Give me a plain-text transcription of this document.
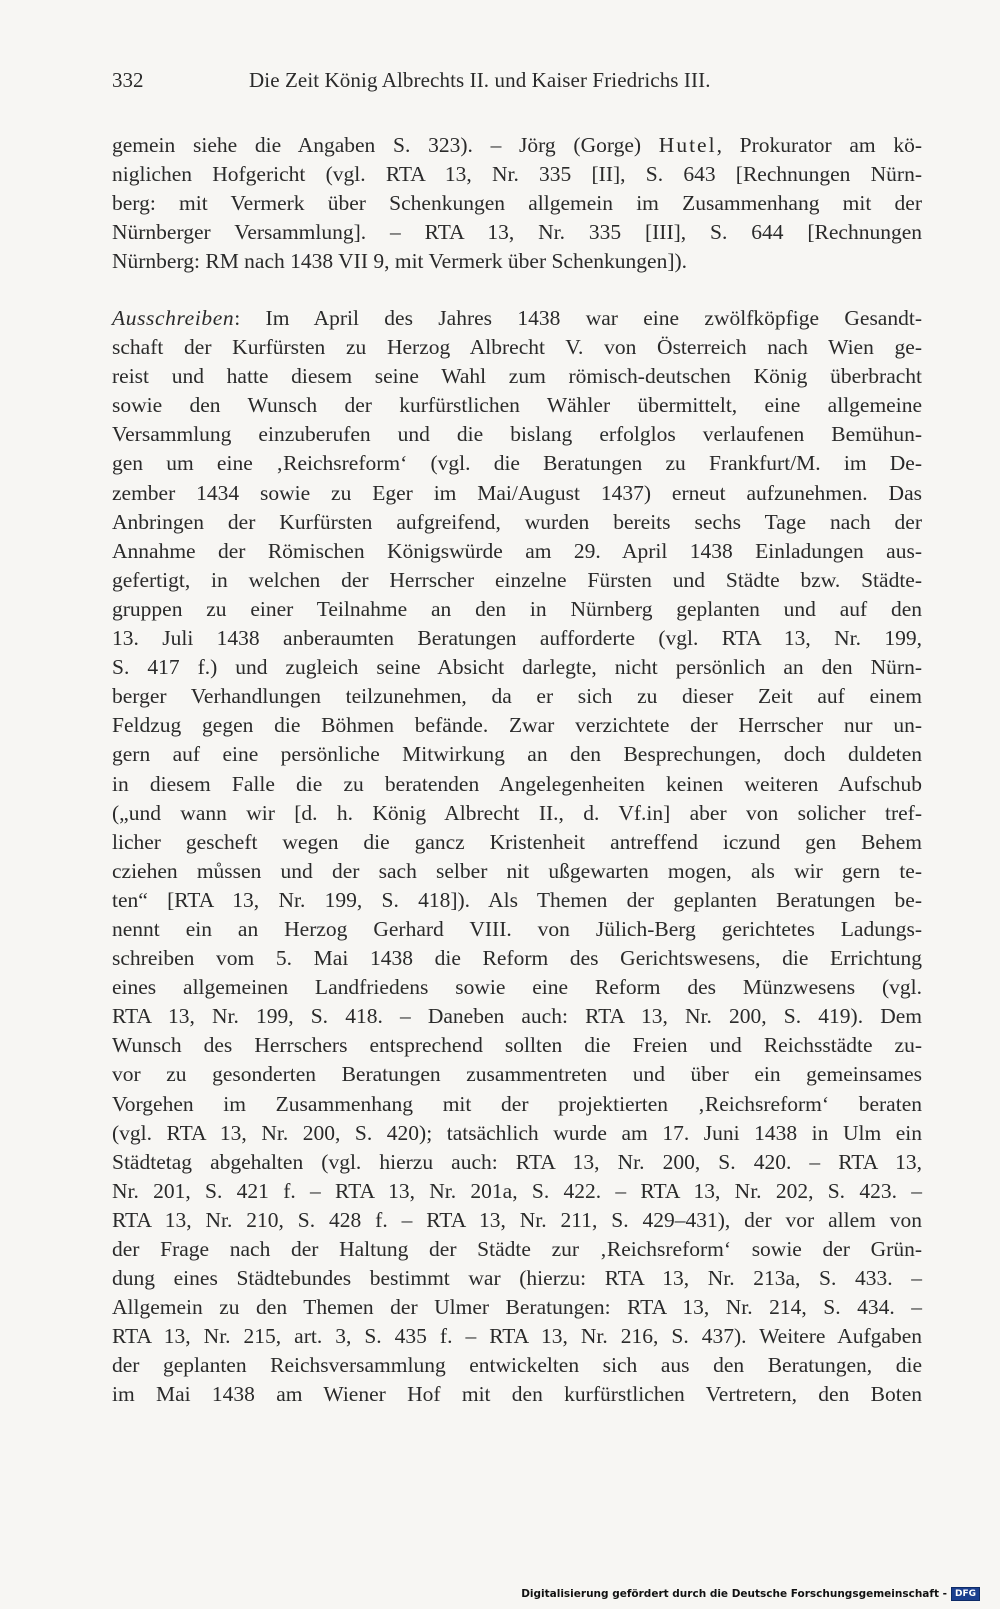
332	Die Zeit König Albrechts II. und Kaiser Friedrichs III.
gemein siehe die Angaben S. 323). – Jörg (Gorge) Hutel, Prokurator am kö-
niglichen Hofgericht (vgl. RTA 13, Nr. 335 [II], S. 643 [Rechnungen Nürn-
berg: mit Vermerk über Schenkungen allgemein im Zusammenhang mit der
Nürnberger Versammlung]. – RTA 13, Nr. 335 [III], S. 644 [Rechnungen
Nürnberg: RM nach 1438 VII 9, mit Vermerk über Schenkungen]).
Ausschreiben: Im April des Jahres 1438 war eine zwölfköpfige Gesandt-
schaft der Kurfürsten zu Herzog Albrecht V. von Österreich nach Wien ge-
reist und hatte diesem seine Wahl zum römisch-deutschen König überbracht
sowie den Wunsch der kurfürstlichen Wähler übermittelt, eine allgemeine
Versammlung einzuberufen und die bislang erfolglos verlaufenen Bemühun-
gen um eine ‚Reichsreform‘ (vgl. die Beratungen zu Frankfurt/M. im De-
zember 1434 sowie zu Eger im Mai/August 1437) erneut aufzunehmen. Das
Anbringen der Kurfürsten aufgreifend, wurden bereits sechs Tage nach der
Annahme der Römischen Königswürde am 29. April 1438 Einladungen aus-
gefertigt, in welchen der Herrscher einzelne Fürsten und Städte bzw. Städte-
gruppen zu einer Teilnahme an den in Nürnberg geplanten und auf den
13. Juli 1438 anberaumten Beratungen aufforderte (vgl. RTA 13, Nr. 199,
S. 417 f.) und zugleich seine Absicht darlegte, nicht persönlich an den Nürn-
berger Verhandlungen teilzunehmen, da er sich zu dieser Zeit auf einem
Feldzug gegen die Böhmen befände. Zwar verzichtete der Herrscher nur un-
gern auf eine persönliche Mitwirkung an den Besprechungen, doch duldeten
in diesem Falle die zu beratenden Angelegenheiten keinen weiteren Aufschub
(„und wann wir [d. h. König Albrecht II., d. Vf.in] aber von solicher tref-
licher gescheft wegen die gancz Kristenheit antreffend iczund gen Behem
cziehen můssen und der sach selber nit ußgewarten mogen, als wir gern te-
ten“ [RTA 13, Nr. 199, S. 418]). Als Themen der geplanten Beratungen be-
nennt ein an Herzog Gerhard VIII. von Jülich-Berg gerichtetes Ladungs-
schreiben vom 5. Mai 1438 die Reform des Gerichtswesens, die Errichtung
eines allgemeinen Landfriedens sowie eine Reform des Münzwesens (vgl.
RTA 13, Nr. 199, S. 418. – Daneben auch: RTA 13, Nr. 200, S. 419). Dem
Wunsch des Herrschers entsprechend sollten die Freien und Reichsstädte zu-
vor zu gesonderten Beratungen zusammentreten und über ein gemeinsames
Vorgehen im Zusammenhang mit der projektierten ‚Reichsreform‘ beraten
(vgl. RTA 13, Nr. 200, S. 420); tatsächlich wurde am 17. Juni 1438 in Ulm ein
Städtetag abgehalten (vgl. hierzu auch: RTA 13, Nr. 200, S. 420. – RTA 13,
Nr. 201, S. 421 f. – RTA 13, Nr. 201a, S. 422. – RTA 13, Nr. 202, S. 423. –
RTA 13, Nr. 210, S. 428 f. – RTA 13, Nr. 211, S. 429–431), der vor allem von
der Frage nach der Haltung der Städte zur ‚Reichsreform‘ sowie der Grün-
dung eines Städtebundes bestimmt war (hierzu: RTA 13, Nr. 213a, S. 433. –
Allgemein zu den Themen der Ulmer Beratungen: RTA 13, Nr. 214, S. 434. –
RTA 13, Nr. 215, art. 3, S. 435 f. – RTA 13, Nr. 216, S. 437). Weitere Aufgaben
der geplanten Reichsversammlung entwickelten sich aus den Beratungen, die
im Mai 1438 am Wiener Hof mit den kurfürstlichen Vertretern, den Boten
Digitalisierung gefördert durch die Deutsche Forschungsgemeinschaft - DFG
